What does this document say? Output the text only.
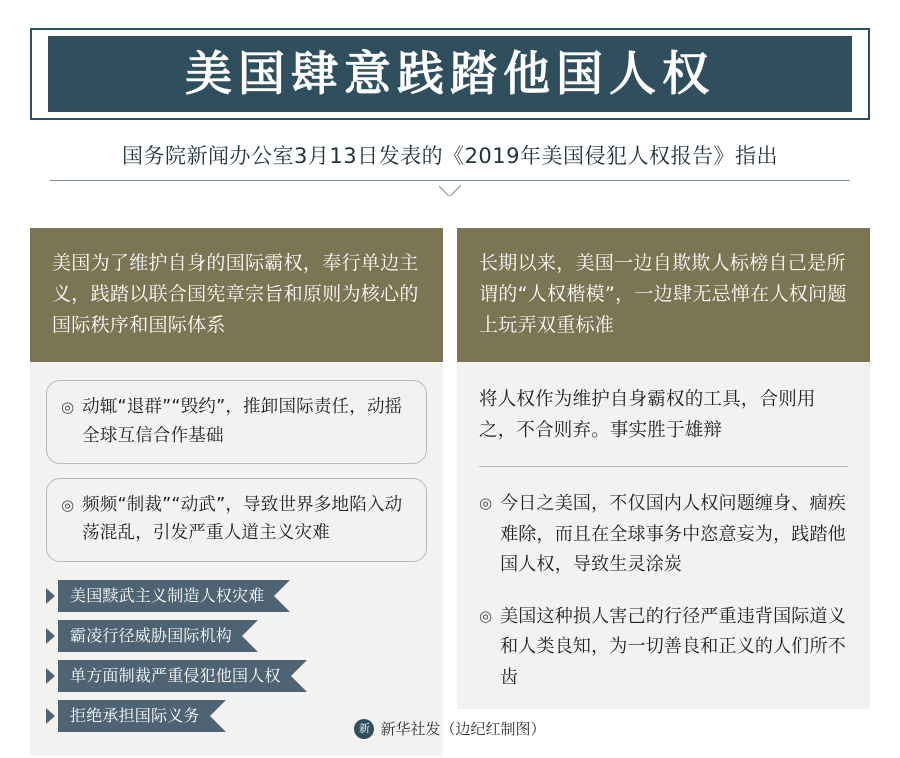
美国肆意践踏他国人权
国务院新闻办公室3月13日发表的《2019年美国侵犯人权报告》指出
美国为了维护自身的国际霸权，奉行单边主义，践踏以联合国宪章宗旨和原则为核心的国际秩序和国际体系
◎ 动辄“退群”“毁约”，推卸国际责任，动摇全球互信合作基础
◎ 频频“制裁”“动武”，导致世界多地陷入动荡混乱，引发严重人道主义灾难
美国黩武主义制造人权灾难
霸凌行径威胁国际机构
单方面制裁严重侵犯他国人权
拒绝承担国际义务
长期以来，美国一边自欺欺人标榜自己是所谓的“人权楷模”，一边肆无忌惮在人权问题上玩弄双重标准
将人权作为维护自身霸权的工具，合则用之，不合则弃。事实胜于雄辩
◎ 今日之美国，不仅国内人权问题缠身、痼疾难除，而且在全球事务中恣意妄为，践踏他国人权，导致生灵涂炭
◎ 美国这种损人害己的行径严重违背国际道义和人类良知，为一切善良和正义的人们所不齿
新 新华社发（边纪红制图）
